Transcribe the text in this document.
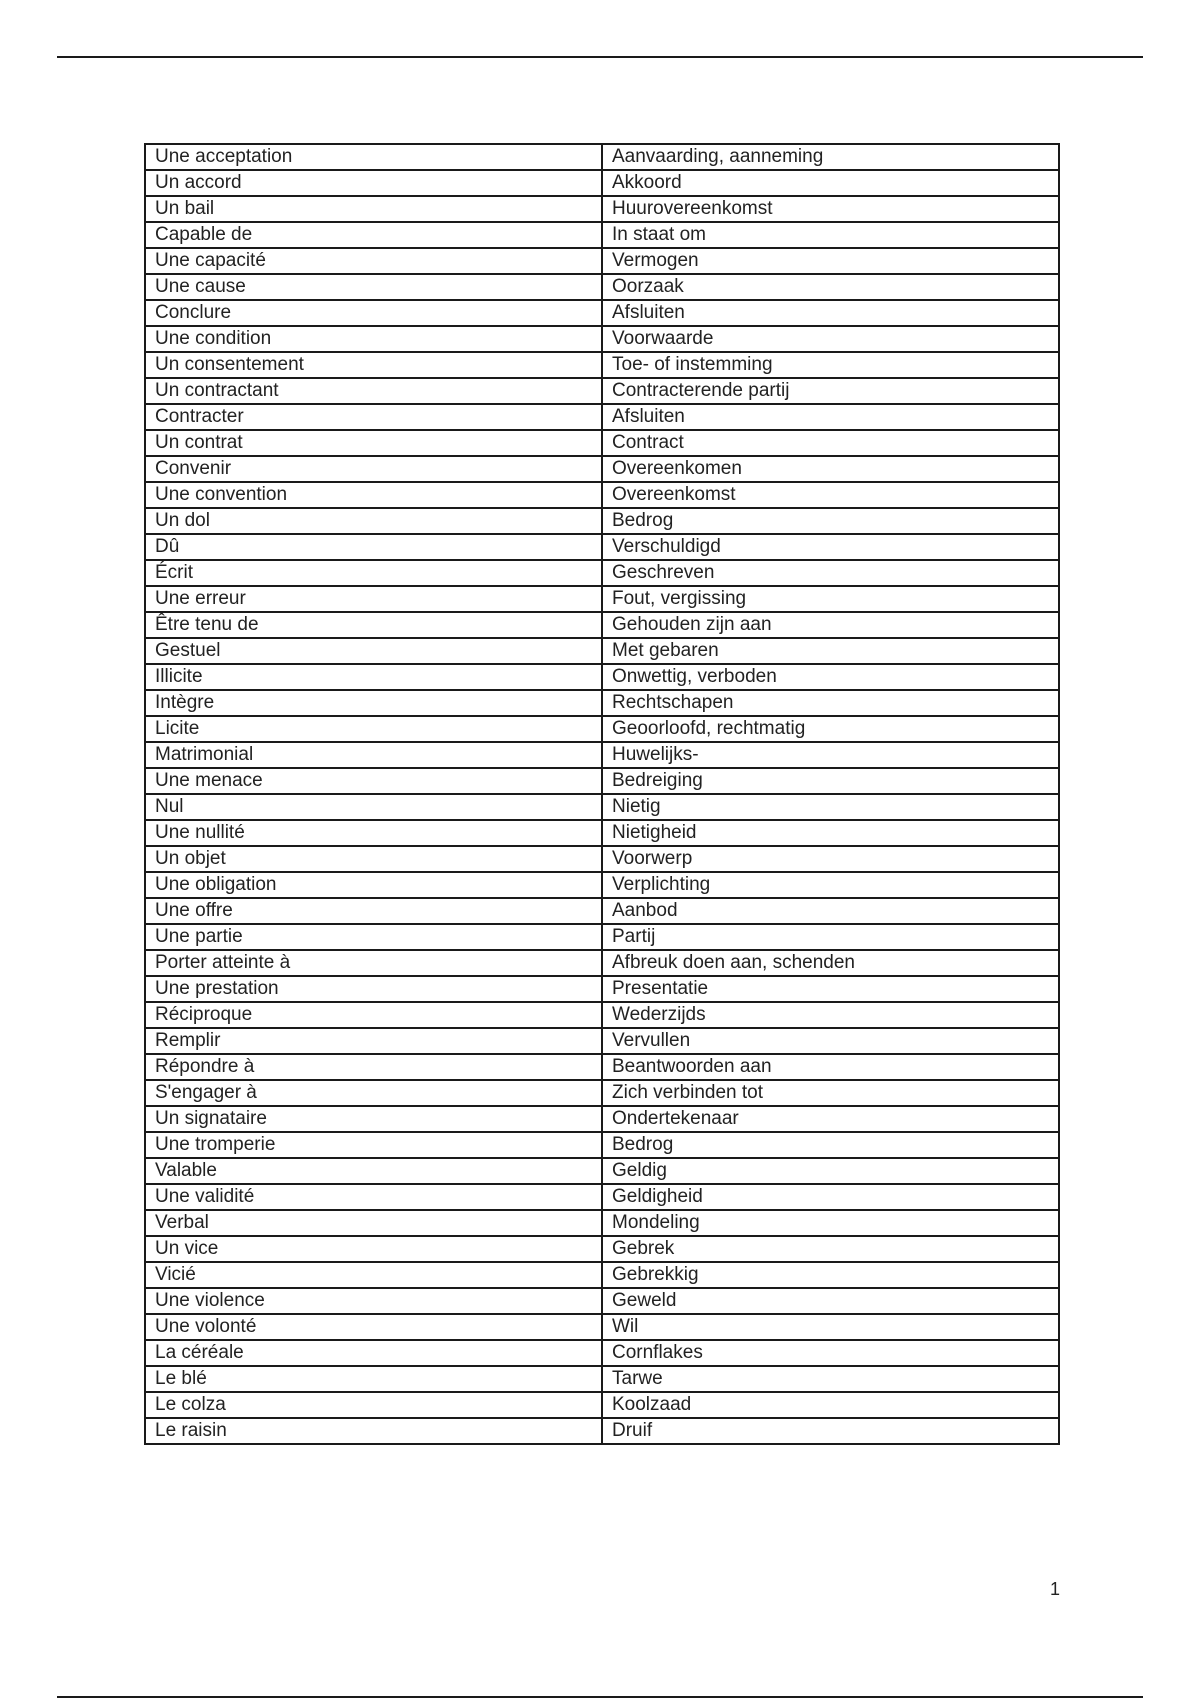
Une acceptation	Aanvaarding, aanneming
Un accord	Akkoord
Un bail	Huurovereenkomst
Capable de	In staat om
Une capacité	Vermogen
Une cause	Oorzaak
Conclure	Afsluiten
Une condition	Voorwaarde
Un consentement	Toe- of instemming
Un contractant	Contracterende partij
Contracter	Afsluiten
Un contrat	Contract
Convenir	Overeenkomen
Une convention	Overeenkomst
Un dol	Bedrog
Dû	Verschuldigd
Écrit	Geschreven
Une erreur	Fout, vergissing
Être tenu de	Gehouden zijn aan
Gestuel	Met gebaren
Illicite	Onwettig, verboden
Intègre	Rechtschapen
Licite	Geoorloofd, rechtmatig
Matrimonial	Huwelijks-
Une menace	Bedreiging
Nul	Nietig
Une nullité	Nietigheid
Un objet	Voorwerp
Une obligation	Verplichting
Une offre	Aanbod
Une partie	Partij
Porter atteinte à	Afbreuk doen aan, schenden
Une prestation	Presentatie
Réciproque	Wederzijds
Remplir	Vervullen
Répondre à	Beantwoorden aan
S'engager à	Zich verbinden tot
Un signataire	Ondertekenaar
Une tromperie	Bedrog
Valable	Geldig
Une validité	Geldigheid
Verbal	Mondeling
Un vice	Gebrek
Vicié	Gebrekkig
Une violence	Geweld
Une volonté	Wil
La céréale	Cornflakes
Le blé	Tarwe
Le colza	Koolzaad
Le raisin	Druif
1
